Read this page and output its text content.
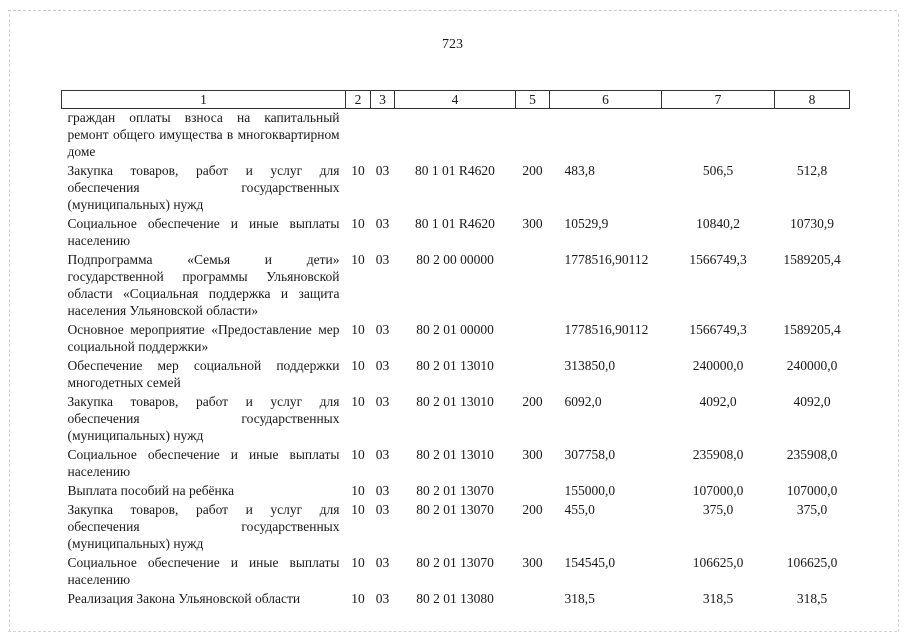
723
1	2	3	4	5	6	7	8
граждан оплаты взноса на капитальный ремонт общего имущества в многоквартирном доме							
Закупка товаров, работ и услуг для обеспечения государственных (муниципальных) нужд	10	03	80 1 01 R4620	200	483,8	506,5	512,8
Социальное обеспечение и иные выплаты населению	10	03	80 1 01 R4620	300	10529,9	10840,2	10730,9
Подпрограмма «Семья и дети» государственной программы Ульяновской области «Социальная поддержка и защита населения Ульяновской области»	10	03	80 2 00 00000		1778516,90112	1566749,3	1589205,4
Основное мероприятие «Предоставление мер социальной поддержки»	10	03	80 2 01 00000		1778516,90112	1566749,3	1589205,4
Обеспечение мер социальной поддержки многодетных семей	10	03	80 2 01 13010		313850,0	240000,0	240000,0
Закупка товаров, работ и услуг для обеспечения государственных (муниципальных) нужд	10	03	80 2 01 13010	200	6092,0	4092,0	4092,0
Социальное обеспечение и иные выплаты населению	10	03	80 2 01 13010	300	307758,0	235908,0	235908,0
Выплата пособий на ребёнка	10	03	80 2 01 13070		155000,0	107000,0	107000,0
Закупка товаров, работ и услуг для обеспечения государственных (муниципальных) нужд	10	03	80 2 01 13070	200	455,0	375,0	375,0
Социальное обеспечение и иные выплаты населению	10	03	80 2 01 13070	300	154545,0	106625,0	106625,0
Реализация Закона Ульяновской области	10	03	80 2 01 13080		318,5	318,5	318,5
